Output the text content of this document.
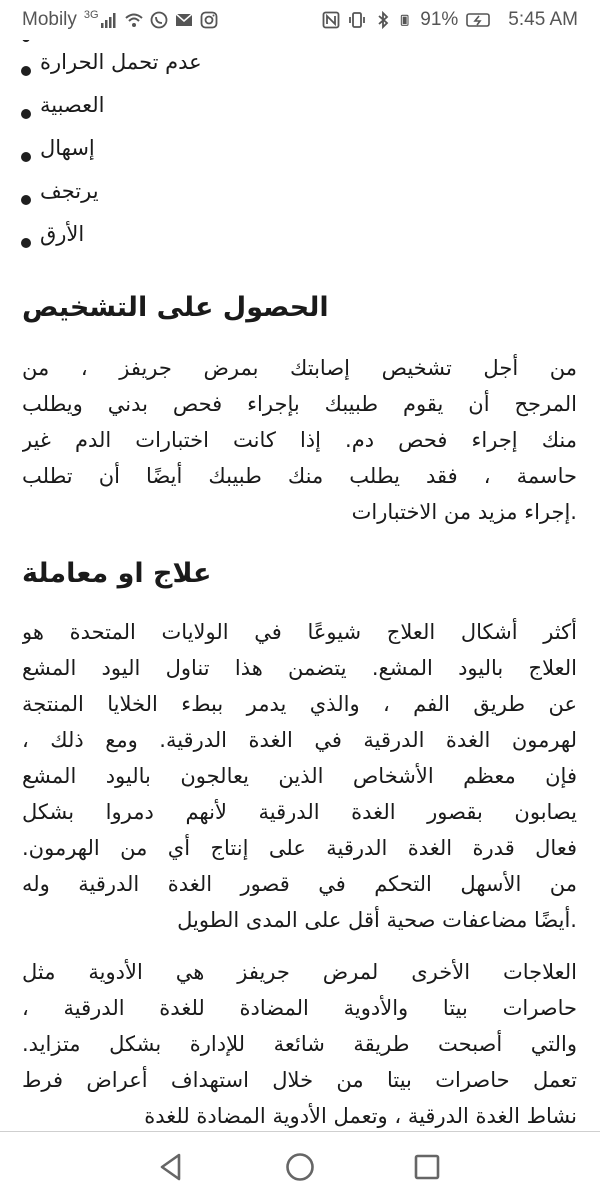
Mobily 3G	91%	5:45 AM
عدم تحمل الحرارة
العصبية
إسهال
يرتجف
الأرق
الحصول على التشخيص
من أجل تشخيص إصابتك بمرض جريفز ، من
المرجح أن يقوم طبيبك بإجراء فحص بدني ويطلب
منك إجراء فحص دم. إذا كانت اختبارات الدم غير
حاسمة ، فقد يطلب منك طبيبك أيضًا أن تطلب
.إجراء مزيد من الاختبارات
علاج او معاملة
أكثر أشكال العلاج شيوعًا في الولايات المتحدة هو
العلاج باليود المشع. يتضمن هذا تناول اليود المشع
عن طريق الفم ، والذي يدمر ببطء الخلايا المنتجة
لهرمون الغدة الدرقية في الغدة الدرقية. ومع ذلك ،
فإن معظم الأشخاص الذين يعالجون باليود المشع
يصابون بقصور الغدة الدرقية لأنهم دمروا بشكل
فعال قدرة الغدة الدرقية على إنتاج أي من الهرمون.
من الأسهل التحكم في قصور الغدة الدرقية وله
.أيضًا مضاعفات صحية أقل على المدى الطويل
العلاجات الأخرى لمرض جريفز هي الأدوية مثل
حاصرات بيتا والأدوية المضادة للغدة الدرقية ،
والتي أصبحت طريقة شائعة للإدارة بشكل متزايد.
تعمل حاصرات بيتا من خلال استهداف أعراض فرط
نشاط الغدة الدرقية ، وتعمل الأدوية المضادة للغدة
